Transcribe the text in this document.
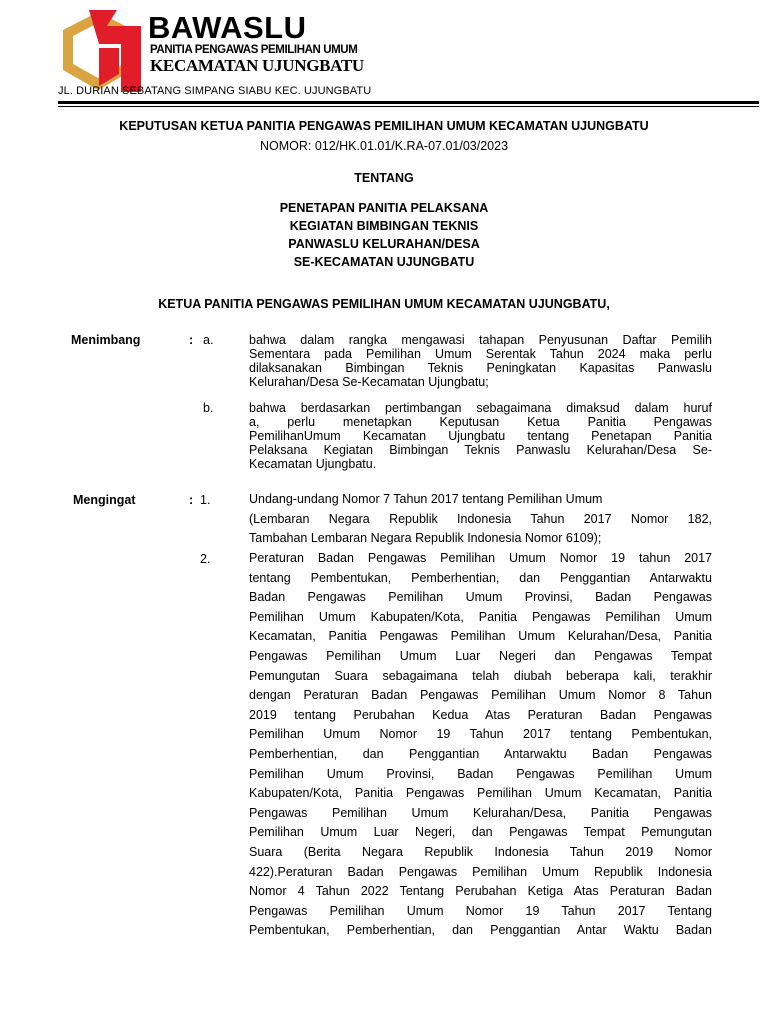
BAWASLU
PANITIA PENGAWAS PEMILIHAN UMUM
KECAMATAN UJUNGBATU
JL. DURIAN SEBATANG SIMPANG SIABU KEC. UJUNGBATU
KEPUTUSAN KETUA PANITIA PENGAWAS PEMILIHAN UMUM KECAMATAN UJUNGBATU
NOMOR: 012/HK.01.01/K.RA-07.01/03/2023
TENTANG
PENETAPAN PANITIA PELAKSANA
KEGIATAN BIMBINGAN TEKNIS
PANWASLU KELURAHAN/DESA
SE-KECAMATAN UJUNGBATU
KETUA PANITIA PENGAWAS PEMILIHAN UMUM KECAMATAN UJUNGBATU,
Menimbang	: a.	bahwa dalam rangka mengawasi tahapan Penyusunan Daftar Pemilih
Sementara pada Pemilihan Umum Serentak Tahun 2024 maka perlu
dilaksanakan Bimbingan Teknis Peningkatan Kapasitas Panwaslu
Kelurahan/Desa Se-Kecamatan Ujungbatu;
b.	bahwa berdasarkan pertimbangan sebagaimana dimaksud dalam huruf
a, perlu menetapkan Keputusan Ketua Panitia Pengawas
PemilihanUmum Kecamatan Ujungbatu tentang Penetapan Panitia
Pelaksana Kegiatan Bimbingan Teknis Panwaslu Kelurahan/Desa Se-
Kecamatan Ujungbatu.
Mengingat	: 1.	Undang-undang Nomor 7 Tahun 2017 tentang Pemilihan Umum
(Lembaran Negara Republik Indonesia Tahun 2017 Nomor 182,
Tambahan Lembaran Negara Republik Indonesia Nomor 6109);
2.	Peraturan Badan Pengawas Pemilihan Umum Nomor 19 tahun 2017
tentang Pembentukan, Pemberhentian, dan Penggantian Antarwaktu
Badan Pengawas Pemilihan Umum Provinsi, Badan Pengawas
Pemilihan Umum Kabupaten/Kota, Panitia Pengawas Pemilihan Umum
Kecamatan, Panitia Pengawas Pemilihan Umum Kelurahan/Desa, Panitia
Pengawas Pemilihan Umum Luar Negeri dan Pengawas Tempat
Pemungutan Suara sebagaimana telah diubah beberapa kali, terakhir
dengan Peraturan Badan Pengawas Pemilihan Umum Nomor 8 Tahun
2019 tentang Perubahan Kedua Atas Peraturan Badan Pengawas
Pemilihan Umum Nomor 19 Tahun 2017 tentang Pembentukan,
Pemberhentian, dan Penggantian Antarwaktu Badan Pengawas
Pemilihan Umum Provinsi, Badan Pengawas Pemilihan Umum
Kabupaten/Kota, Panitia Pengawas Pemilihan Umum Kecamatan, Panitia
Pengawas Pemilihan Umum Kelurahan/Desa, Panitia Pengawas
Pemilihan Umum Luar Negeri, dan Pengawas Tempat Pemungutan
Suara (Berita Negara Republik Indonesia Tahun 2019 Nomor
422).Peraturan Badan Pengawas Pemilihan Umum Republik Indonesia
Nomor 4 Tahun 2022 Tentang Perubahan Ketiga Atas Peraturan Badan
Pengawas Pemilihan Umum Nomor 19 Tahun 2017 Tentang
Pembentukan, Pemberhentian, dan Penggantian Antar Waktu Badan
